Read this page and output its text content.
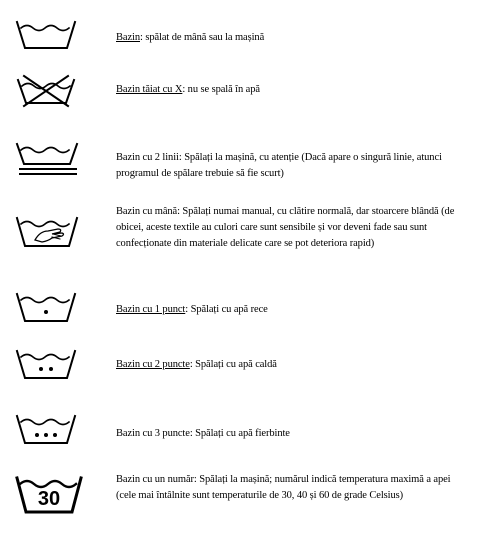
Bazin: spălat de mână sau la mașină
Bazin tăiat cu X: nu se spală în apă
Bazin cu 2 linii: Spălați la mașină, cu atenție (Dacă apare o singură linie, atunci programul de spălare trebuie să fie scurt)
Bazin cu mână: Spălați numai manual, cu clătire normală, dar stoarcere blândă (de obicei, aceste textile au culori care sunt sensibile și vor deveni fade sau sunt confecționate din materiale delicate care se pot deteriora rapid)
Bazin cu 1 punct: Spălați cu apă rece
Bazin cu 2 puncte: Spălați cu apă caldă
Bazin cu 3 puncte: Spălați cu apă fierbinte
30
Bazin cu un număr: Spălați la mașină; numărul indică temperatura maximă a apei (cele mai întâlnite sunt temperaturile de 30, 40 și 60 de grade Celsius)
